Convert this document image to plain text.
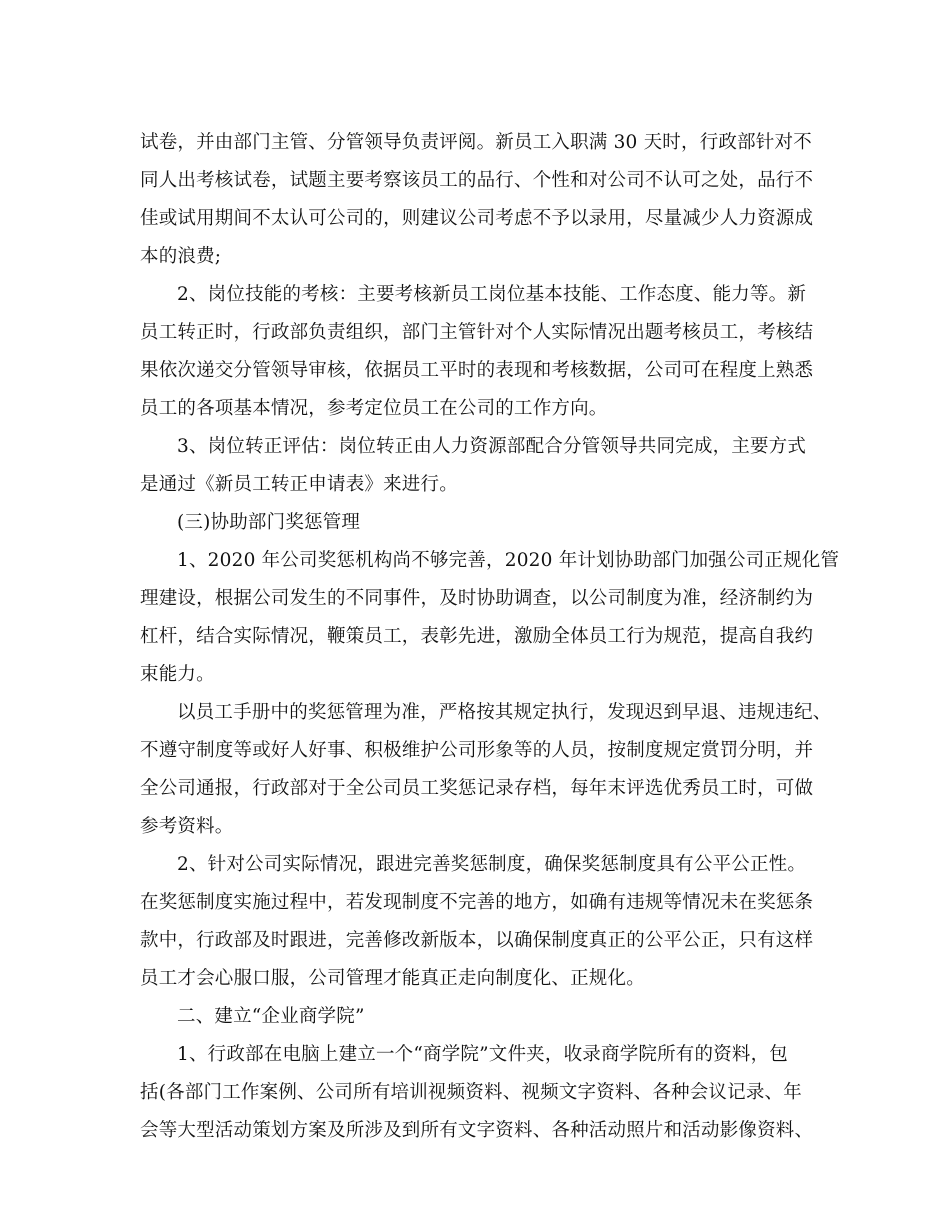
试卷，并由部门主管、分管领导负责评阅。新员工入职满 30 天时，行政部针对不
同人出考核试卷，试题主要考察该员工的品行、个性和对公司不认可之处，品行不
佳或试用期间不太认可公司的，则建议公司考虑不予以录用，尽量减少人力资源成
本的浪费;
2、岗位技能的考核：主要考核新员工岗位基本技能、工作态度、能力等。新
员工转正时，行政部负责组织，部门主管针对个人实际情况出题考核员工，考核结
果依次递交分管领导审核，依据员工平时的表现和考核数据，公司可在程度上熟悉
员工的各项基本情况，参考定位员工在公司的工作方向。
3、岗位转正评估：岗位转正由人力资源部配合分管领导共同完成，主要方式
是通过《新员工转正申请表》来进行。
(三)协助部门奖惩管理
1、2020 年公司奖惩机构尚不够完善，2020 年计划协助部门加强公司正规化管
理建设，根据公司发生的不同事件，及时协助调查，以公司制度为准，经济制约为
杠杆，结合实际情况，鞭策员工，表彰先进，激励全体员工行为规范，提高自我约
束能力。
以员工手册中的奖惩管理为准，严格按其规定执行，发现迟到早退、违规违纪、
不遵守制度等或好人好事、积极维护公司形象等的人员，按制度规定赏罚分明，并
全公司通报，行政部对于全公司员工奖惩记录存档，每年末评选优秀员工时，可做
参考资料。
2、针对公司实际情况，跟进完善奖惩制度，确保奖惩制度具有公平公正性。
在奖惩制度实施过程中，若发现制度不完善的地方，如确有违规等情况未在奖惩条
款中，行政部及时跟进，完善修改新版本，以确保制度真正的公平公正，只有这样
员工才会心服口服，公司管理才能真正走向制度化、正规化。
二、建立“企业商学院”
1、行政部在电脑上建立一个“商学院”文件夹，收录商学院所有的资料，包
括(各部门工作案例、公司所有培训视频资料、视频文字资料、各种会议记录、年
会等大型活动策划方案及所涉及到所有文字资料、各种活动照片和活动影像资料、
